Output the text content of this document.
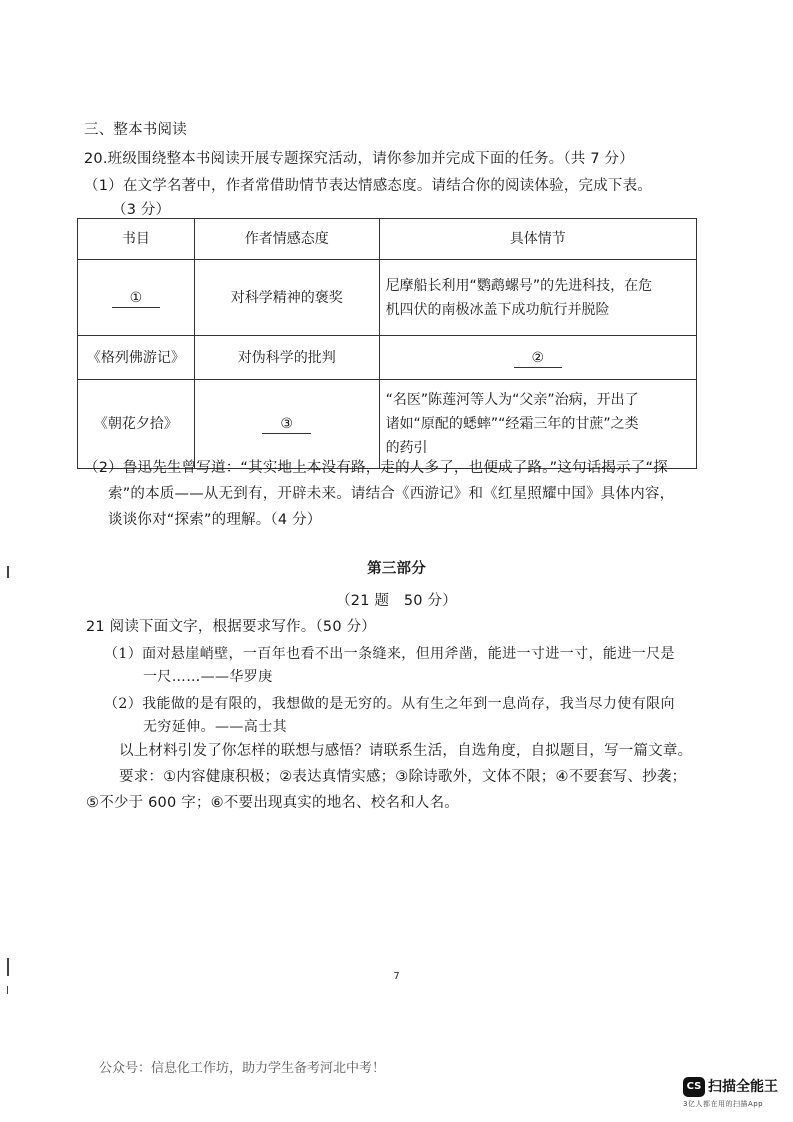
三、整本书阅读
20.班级围绕整本书阅读开展专题探究活动，请你参加并完成下面的任务。（共 7 分）
（1）在文学名著中，作者常借助情节表达情感态度。请结合你的阅读体验，完成下表。
（3 分）
书目	作者情感态度	具体情节
①	对科学精神的褒奖	尼摩船长利用“鹦鹉螺号”的先进科技，在危
机四伏的南极冰盖下成功航行并脱险

《格列佛游记》	对伪科学的批判	②
《朝花夕拾》	③	“名医”陈莲河等人为“父亲”治病，开出了
诸如“原配的蟋蟀”“经霜三年的甘蔗”之类
的药引
（2）鲁迅先生曾写道：“其实地上本没有路，走的人多了，也便成了路。”这句话揭示了“探
索”的本质——从无到有，开辟未来。请结合《西游记》和《红星照耀中国》具体内容，
谈谈你对“探索”的理解。（4 分）
第三部分
（21 题　50 分）
21 阅读下面文字，根据要求写作。（50 分）
（1）面对悬崖峭壁，一百年也看不出一条缝来，但用斧凿，能进一寸进一寸，能进一尺是
一尺……——华罗庚
（2）我能做的是有限的，我想做的是无穷的。从有生之年到一息尚存，我当尽力使有限向
无穷延伸。——高士其
以上材料引发了你怎样的联想与感悟？请联系生活，自选角度，自拟题目，写一篇文章。
要求：①内容健康积极；②表达真情实感；③除诗歌外，文体不限；④不要套写、抄袭；
⑤不少于 600 字；⑥不要出现真实的地名、校名和人名。
7
公众号：信息化工作坊，助力学生备考河北中考！
CS 扫描全能王
3亿人都在用的扫描App
